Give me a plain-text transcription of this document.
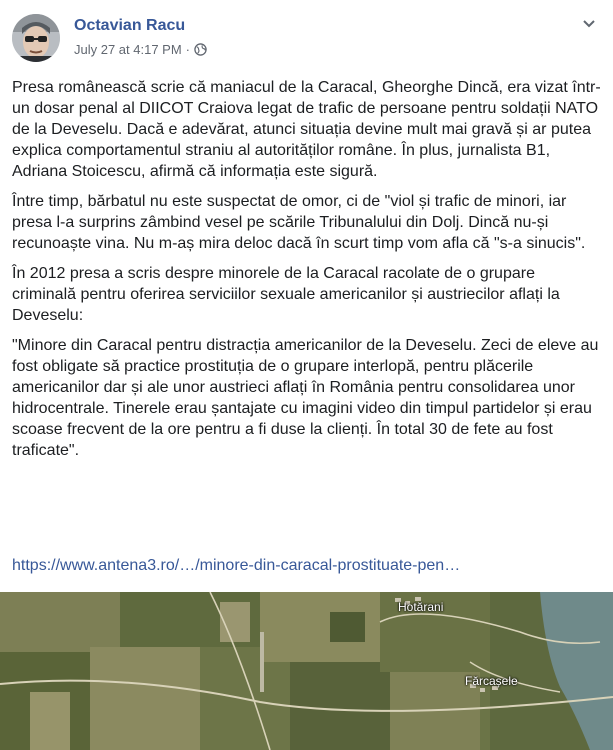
Octavian Racu
July 27 at 4:17 PM ·

Presa românească scrie că maniacul de la Caracal, Gheorghe Dincă, era vizat într-un dosar penal al DIICOT Craiova legat de trafic de persoane pentru soldații NATO de la Deveselu. Dacă e adevărat, atunci situația devine mult mai gravă și ar putea explica comportamentul straniu al autorităților române. În plus, jurnalista B1, Adriana Stoicescu, afirmă că informația este sigură.

Între timp, bărbatul nu este suspectat de omor, ci de "viol și trafic de minori, iar presa l-a surprins zâmbind vesel pe scările Tribunalului din Dolj. Dincă nu-și recunoaște vina. Nu m-aș mira deloc dacă în scurt timp vom afla că "s-a sinucis".

În 2012 presa a scris despre minorele de la Caracal racolate de o grupare criminală pentru oferirea serviciilor sexuale americanilor și austriecilor aflați la Deveselu:

"Minore din Caracal pentru distracția americanilor de la Deveselu. Zeci de eleve au fost obligate să practice prostituția de o grupare interlopă, pentru plăcerile americanilor dar și ale unor austrieci aflați în România pentru consolidarea unor hidrocentrale. Tinerele erau șantajate cu imagini video din timpul partidelor și erau scoase frecvent de la ore pentru a fi duse la clienți. În total 30 de fete au fost traficate".

https://www.antena3.ro/…/minore-din-caracal-prostituate-pen…
Hotărani
Fărcașele
